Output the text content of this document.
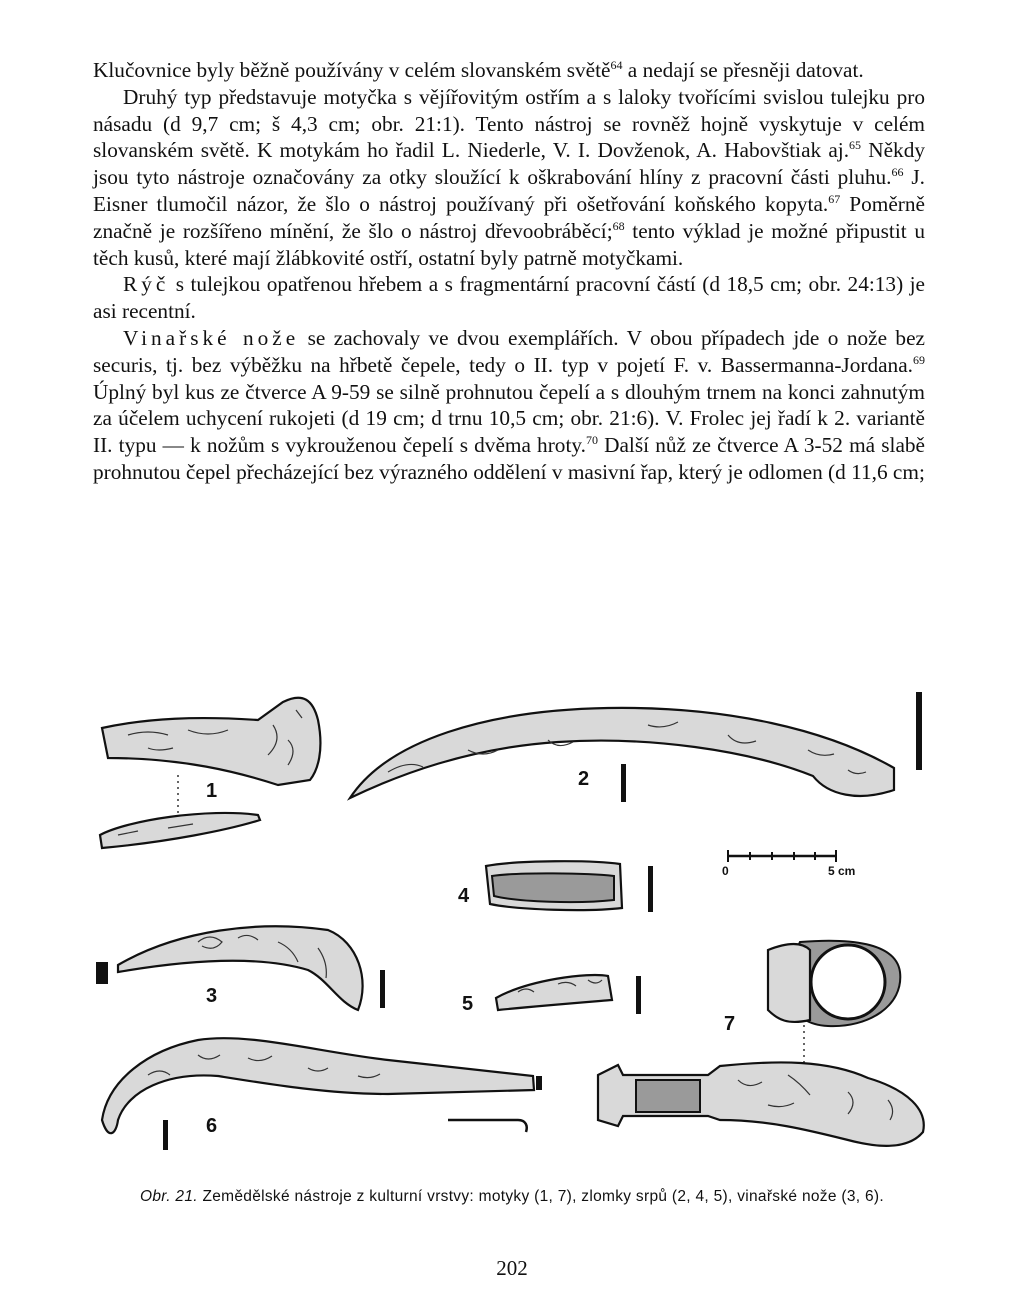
Klučovnice byly běžně používány v celém slovanském světě$^{64}$ a nedají se přesněji datovat.

Druhý typ představuje motyčka s vějířovitým ostřím a s laloky tvořícími svislou tulejku pro násadu (d 9,7 cm; š 4,3 cm; obr. 21:1). Tento nástroj se rovněž hojně vyskytuje v celém slovanském světě. K motykám ho řadil L. Niederle, V. I. Dovženok, A. Habovštiak aj.$^{65}$ Někdy jsou tyto nástroje označovány za otky sloužící k oškrabování hlíny z pracovní části pluhu.$^{66}$ J. Eisner tlumočil názor, že šlo o nástroj používaný při ošetřování koňského kopyta.$^{67}$ Poměrně značně je rozšířeno mínění, že šlo o nástroj dřevoobráběcí;$^{68}$ tento výklad je možné připustit u těch kusů, které mají žlábkovité ostří, ostatní byly patrně motyčkami.

Rýč s tulejkou opatřenou hřebem a s fragmentární pracovní částí (d 18,5 cm; obr. 24:13) je asi recentní.

Vinařské nože se zachovaly ve dvou exemplářích. V obou případech jde o nože bez securis, tj. bez výběžku na hřbetě čepele, tedy o II. typ v pojetí F. v. Bassermanna-Jordana.$^{69}$ Úplný byl kus ze čtverce A 9-59 se silně prohnutou čepelí a s dlouhým trnem na konci zahnutým za účelem uchycení rukojeti (d 19 cm; d trnu 10,5 cm; obr. 21:6). V. Frolec jej řadí k 2. variantě II. typu — k nožům s vykrouženou čepelí s dvěma hroty.$^{70}$ Další nůž ze čtverce A 3-52 má slabě prohnutou čepel přecházející bez výrazného oddělení v masivní řap, který je odlomen (d 11,6 cm;

1
2
0	5 cm
4
3	5
7
6
Obr. 21. Zemědělské nástroje z kulturní vrstvy: motyky (1, 7), zlomky srpů (2, 4, 5), vinařské nože (3, 6).
202
